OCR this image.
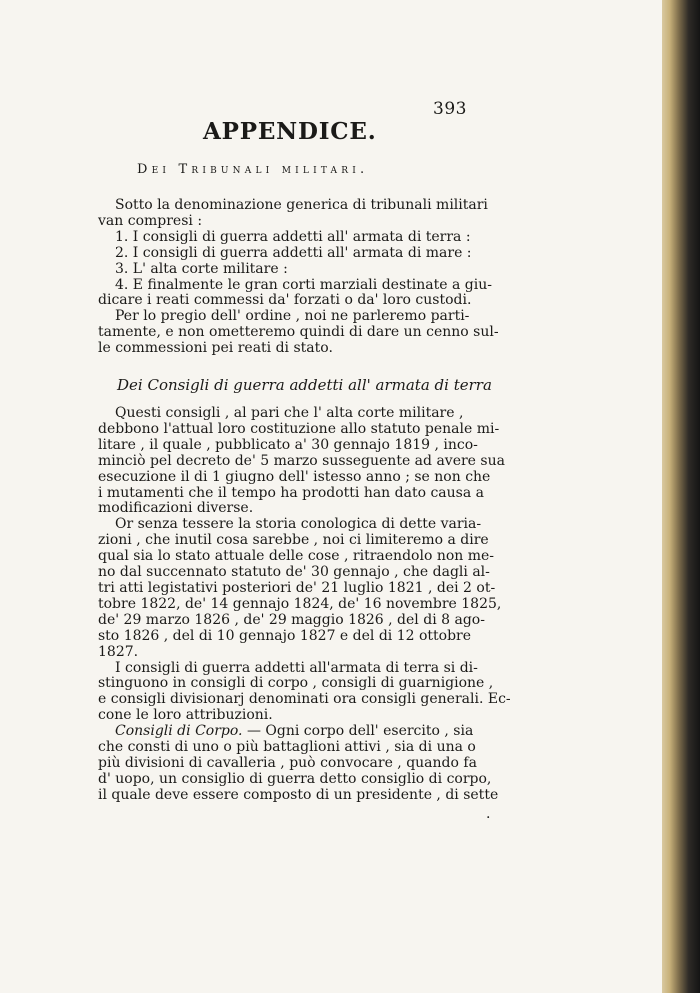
393
APPENDICE.
Dei Tribunali militari.
Sotto la denominazione generica di tribunali militari
van compresi :
1. I consigli di guerra addetti all' armata di terra :
2. I consigli di guerra addetti all' armata di mare :
3. L' alta corte militare :
4. E finalmente le gran corti marziali destinate a giu-
dicare i reati commessi da' forzati o da' loro custodi.
Per lo pregio dell' ordine , noi ne parleremo parti-
tamente, e non ometteremo quindi di dare un cenno sul-
le commessioni pei reati di stato.
Dei Consigli di guerra addetti all' armata di terra
Questi consigli , al pari che l' alta corte militare ,
debbono l'attual loro costituzione allo statuto penale mi-
litare , il quale , pubblicato a' 30 gennajo 1819 , inco-
minciò pel decreto de' 5 marzo susseguente ad avere sua
esecuzione il di 1 giugno dell' istesso anno ; se non che
i mutamenti che il tempo ha prodotti han dato causa a
modificazioni diverse.
Or senza tessere la storia conologica di dette varia-
zioni , che inutil cosa sarebbe , noi ci limiteremo a dire
qual sia lo stato attuale delle cose , ritraendolo non me-
no dal succennato statuto de' 30 gennajo , che dagli al-
tri atti legistativi posteriori de' 21 luglio 1821 , dei 2 ot-
tobre 1822, de' 14 gennajo 1824, de' 16 novembre 1825,
de' 29 marzo 1826 , de' 29 maggio 1826 , del di 8 ago-
sto 1826 , del di 10 gennajo 1827 e del di 12 ottobre
1827.
I consigli di guerra addetti all'armata di terra si di-
stinguono in consigli di corpo , consigli di guarnigione ,
e consigli divisionarj denominati ora consigli generali. Ec-
cone le loro attribuzioni.
Consigli di Corpo. — Ogni corpo dell' esercito , sia
che consti di uno o più battaglioni attivi , sia di una o
più divisioni di cavalleria , può convocare , quando fa
d' uopo, un consiglio di guerra detto consiglio di corpo,
il quale deve essere composto di un presidente , di sette
.
